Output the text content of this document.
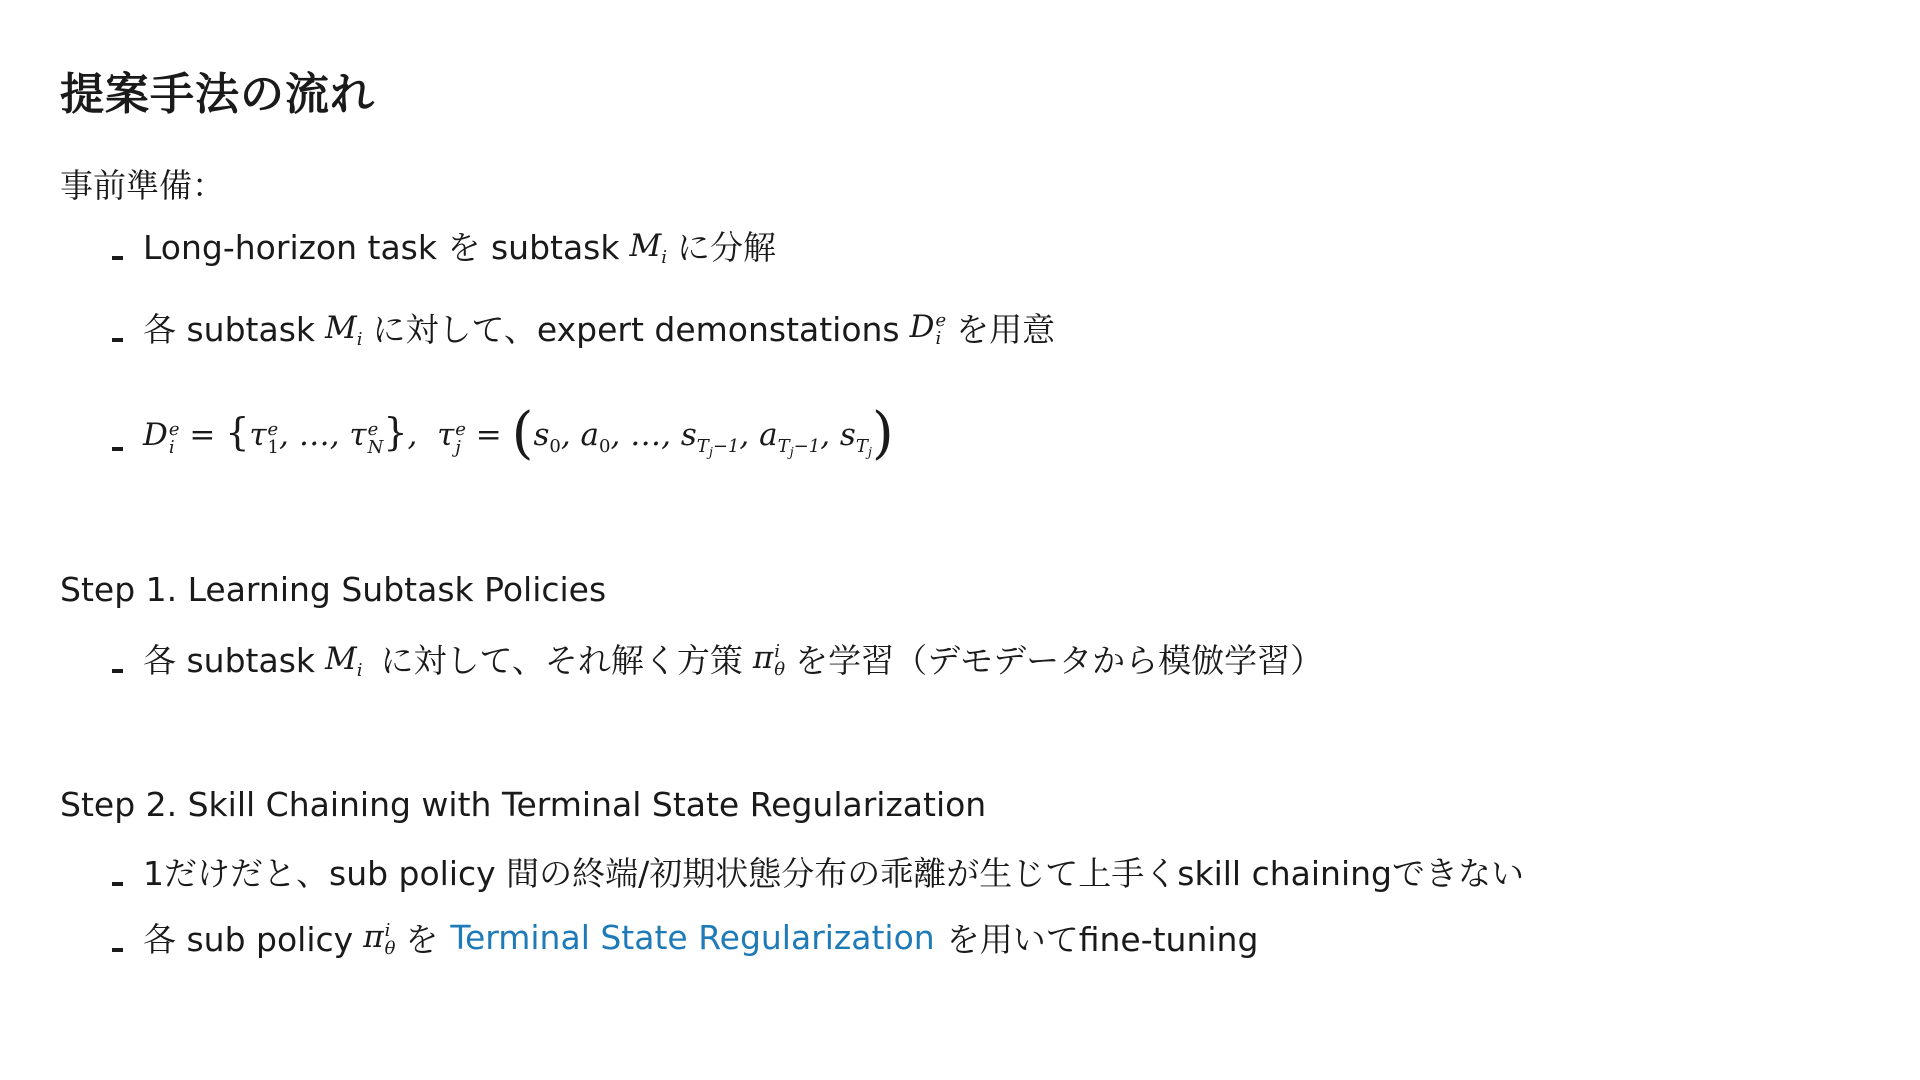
提案手法の流れ
事前準備：
Long-horizon task を subtask $M_i$ に分解
各 subtask $M_i$ に対して、expert demonstations D e
i を用意
D e
i = {τ e
1 , …, τ e
N },  τ e
$j = (s_0$, $a_0$, …, $s_{T_j-1}$, $a_{T_j-1}$, $s_{T_j}$)
Step 1. Learning Subtask Policies
各 subtask $M_i$ に対して、それ解く方策 π i
θ を学習（デモデータから模倣学習）
Step 2. Skill Chaining with Terminal State Regularization
1だけだと、sub policy 間の終端/初期状態分布の乖離が生じて上手くskill chainingできない
各 sub policy π i
θ を Terminal State Regularization を用いてfine-tuning
